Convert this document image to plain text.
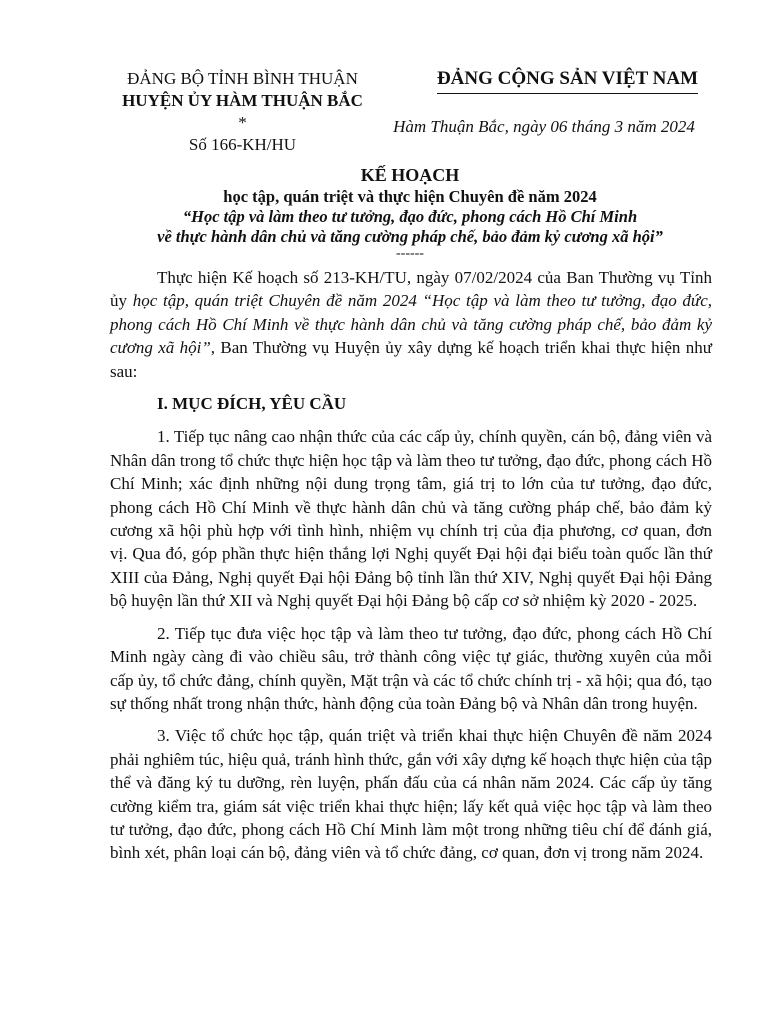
ĐẢNG BỘ TỈNH BÌNH THUẬN
HUYỆN ỦY HÀM THUẬN BẮC
*
Số 166-KH/HU
ĐẢNG CỘNG SẢN VIỆT NAM
Hàm Thuận Bắc, ngày 06 tháng 3 năm 2024
KẾ HOẠCH
học tập, quán triệt và thực hiện Chuyên đề năm 2024
“Học tập và làm theo tư tưởng, đạo đức, phong cách Hồ Chí Minh
về thực hành dân chủ và tăng cường pháp chế, bảo đảm kỷ cương xã hội”
------

Thực hiện Kế hoạch số 213-KH/TU, ngày 07/02/2024 của Ban Thường vụ Tỉnh ủy học tập, quán triệt Chuyên đề năm 2024 “Học tập và làm theo tư tưởng, đạo đức, phong cách Hồ Chí Minh về thực hành dân chủ và tăng cường pháp chế, bảo đảm kỷ cương xã hội”, Ban Thường vụ Huyện ủy xây dựng kế hoạch triển khai thực hiện như sau:

I. MỤC ĐÍCH, YÊU CẦU

1. Tiếp tục nâng cao nhận thức của các cấp ủy, chính quyền, cán bộ, đảng viên và Nhân dân trong tổ chức thực hiện học tập và làm theo tư tưởng, đạo đức, phong cách Hồ Chí Minh; xác định những nội dung trọng tâm, giá trị to lớn của tư tưởng, đạo đức, phong cách Hồ Chí Minh về thực hành dân chủ và tăng cường pháp chế, bảo đảm kỷ cương xã hội phù hợp với tình hình, nhiệm vụ chính trị của địa phương, cơ quan, đơn vị. Qua đó, góp phần thực hiện thắng lợi Nghị quyết Đại hội đại biểu toàn quốc lần thứ XIII của Đảng, Nghị quyết Đại hội Đảng bộ tỉnh lần thứ XIV, Nghị quyết Đại hội Đảng bộ huyện lần thứ XII và Nghị quyết Đại hội Đảng bộ cấp cơ sở nhiệm kỳ 2020 - 2025.

2. Tiếp tục đưa việc học tập và làm theo tư tưởng, đạo đức, phong cách Hồ Chí Minh ngày càng đi vào chiều sâu, trở thành công việc tự giác, thường xuyên của mỗi cấp ủy, tổ chức đảng, chính quyền, Mặt trận và các tổ chức chính trị - xã hội; qua đó, tạo sự thống nhất trong nhận thức, hành động của toàn Đảng bộ và Nhân dân trong huyện.

3. Việc tổ chức học tập, quán triệt và triển khai thực hiện Chuyên đề năm 2024 phải nghiêm túc, hiệu quả, tránh hình thức, gắn với xây dựng kế hoạch thực hiện của tập thể và đăng ký tu dưỡng, rèn luyện, phấn đấu của cá nhân năm 2024. Các cấp ủy tăng cường kiểm tra, giám sát việc triển khai thực hiện; lấy kết quả việc học tập và làm theo tư tưởng, đạo đức, phong cách Hồ Chí Minh làm một trong những tiêu chí để đánh giá, bình xét, phân loại cán bộ, đảng viên và tổ chức đảng, cơ quan, đơn vị trong năm 2024.
